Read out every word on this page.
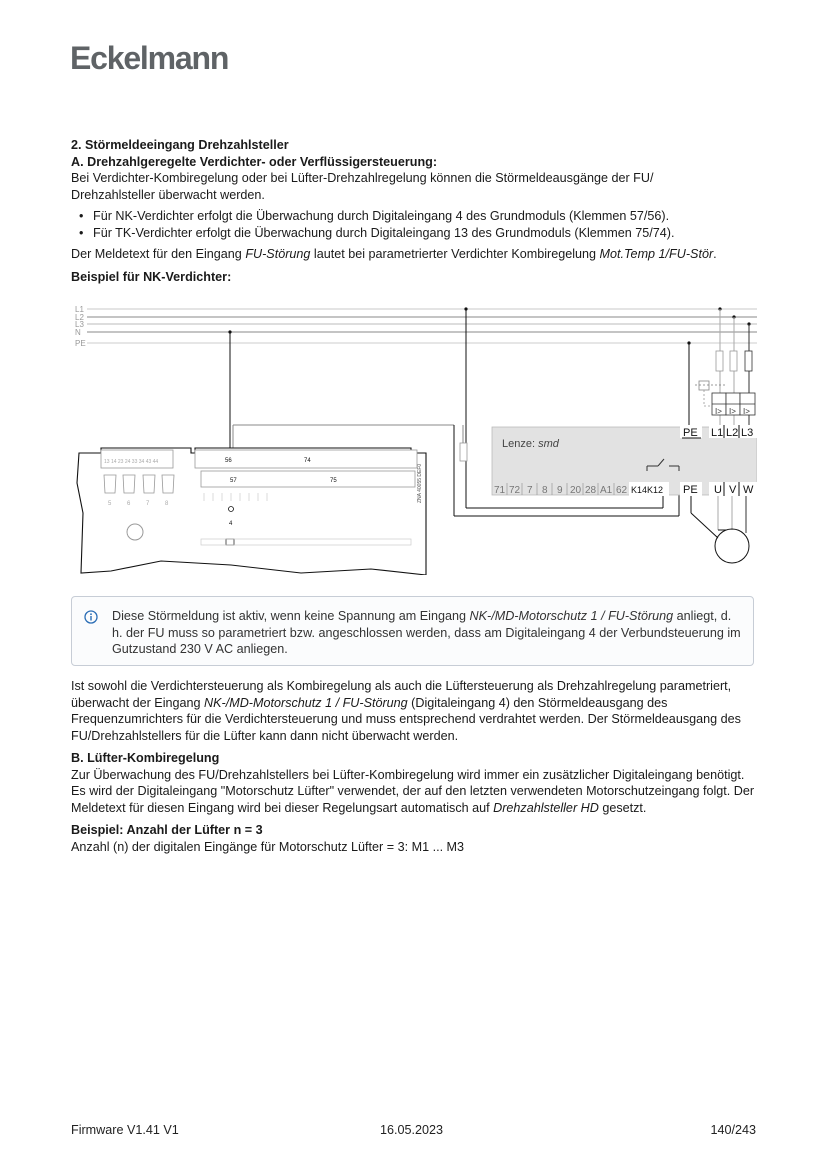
Eckelmann

2. Störmeldeeingang Drehzahlsteller

A. Drehzahlgeregelte Verdichter- oder Verflüssigersteuerung:

Bei Verdichter-Kombiregelung oder bei Lüfter-Drehzahlregelung können die Störmeldeausgänge der FU/ Drehzahlsteller überwacht werden.

• Für NK-Verdichter erfolgt die Überwachung durch Digitaleingang 4 des Grundmoduls (Klemmen 57/56).
• Für TK-Verdichter erfolgt die Überwachung durch Digitaleingang 13 des Grundmoduls (Klemmen 75/74).

Der Meldetext für den Eingang FU-Störung lautet bei parametrierter Verdichter Kombiregelung Mot.Temp 1/FU-Stör.

Beispiel für NK-Verdichter:

L1
L2
L3
N
PE
I> I> I>
Lenze: smd
71 72 7 8 9 20 28 A1 62 K14K12
PE L1 L2 L3
PE U V W
13 14 23 24 33 34 43 44
5	6	7	8
56	74
57	75
4
ZNA 40055 DEF0
Diese Störmeldung ist aktiv, wenn keine Spannung am Eingang NK-/MD-Motorschutz 1 / FU-Störung anliegt, d. h. der FU muss so parametriert bzw. angeschlossen werden, dass am Digitaleingang 4 der Verbundsteuerung im Gutzustand 230 V AC anliegen.

Ist sowohl die Verdichtersteuerung als Kombiregelung als auch die Lüftersteuerung als Drehzahlregelung parametriert, überwacht der Eingang NK-/MD-Motorschutz 1 / FU-Störung (Digitaleingang 4) den Störmeldeausgang des Frequenzumrichters für die Verdichtersteuerung und muss entsprechend verdrahtet werden. Der Störmeldeausgang des FU/Drehzahlstellers für die Lüfter kann dann nicht überwacht werden.

B. Lüfter-Kombiregelung

Zur Überwachung des FU/Drehzahlstellers bei Lüfter-Kombiregelung wird immer ein zusätzlicher Digitaleingang benötigt. Es wird der Digitaleingang "Motorschutz Lüfter" verwendet, der auf den letzten verwendeten Motorschutzeingang folgt. Der Meldetext für diesen Eingang wird bei dieser Regelungsart automatisch auf Drehzahlsteller HD gesetzt.

Beispiel: Anzahl der Lüfter n = 3

Anzahl (n) der digitalen Eingänge für Motorschutz Lüfter = 3: M1 ... M3

Firmware V1.41 V1	16.05.2023	140/243
